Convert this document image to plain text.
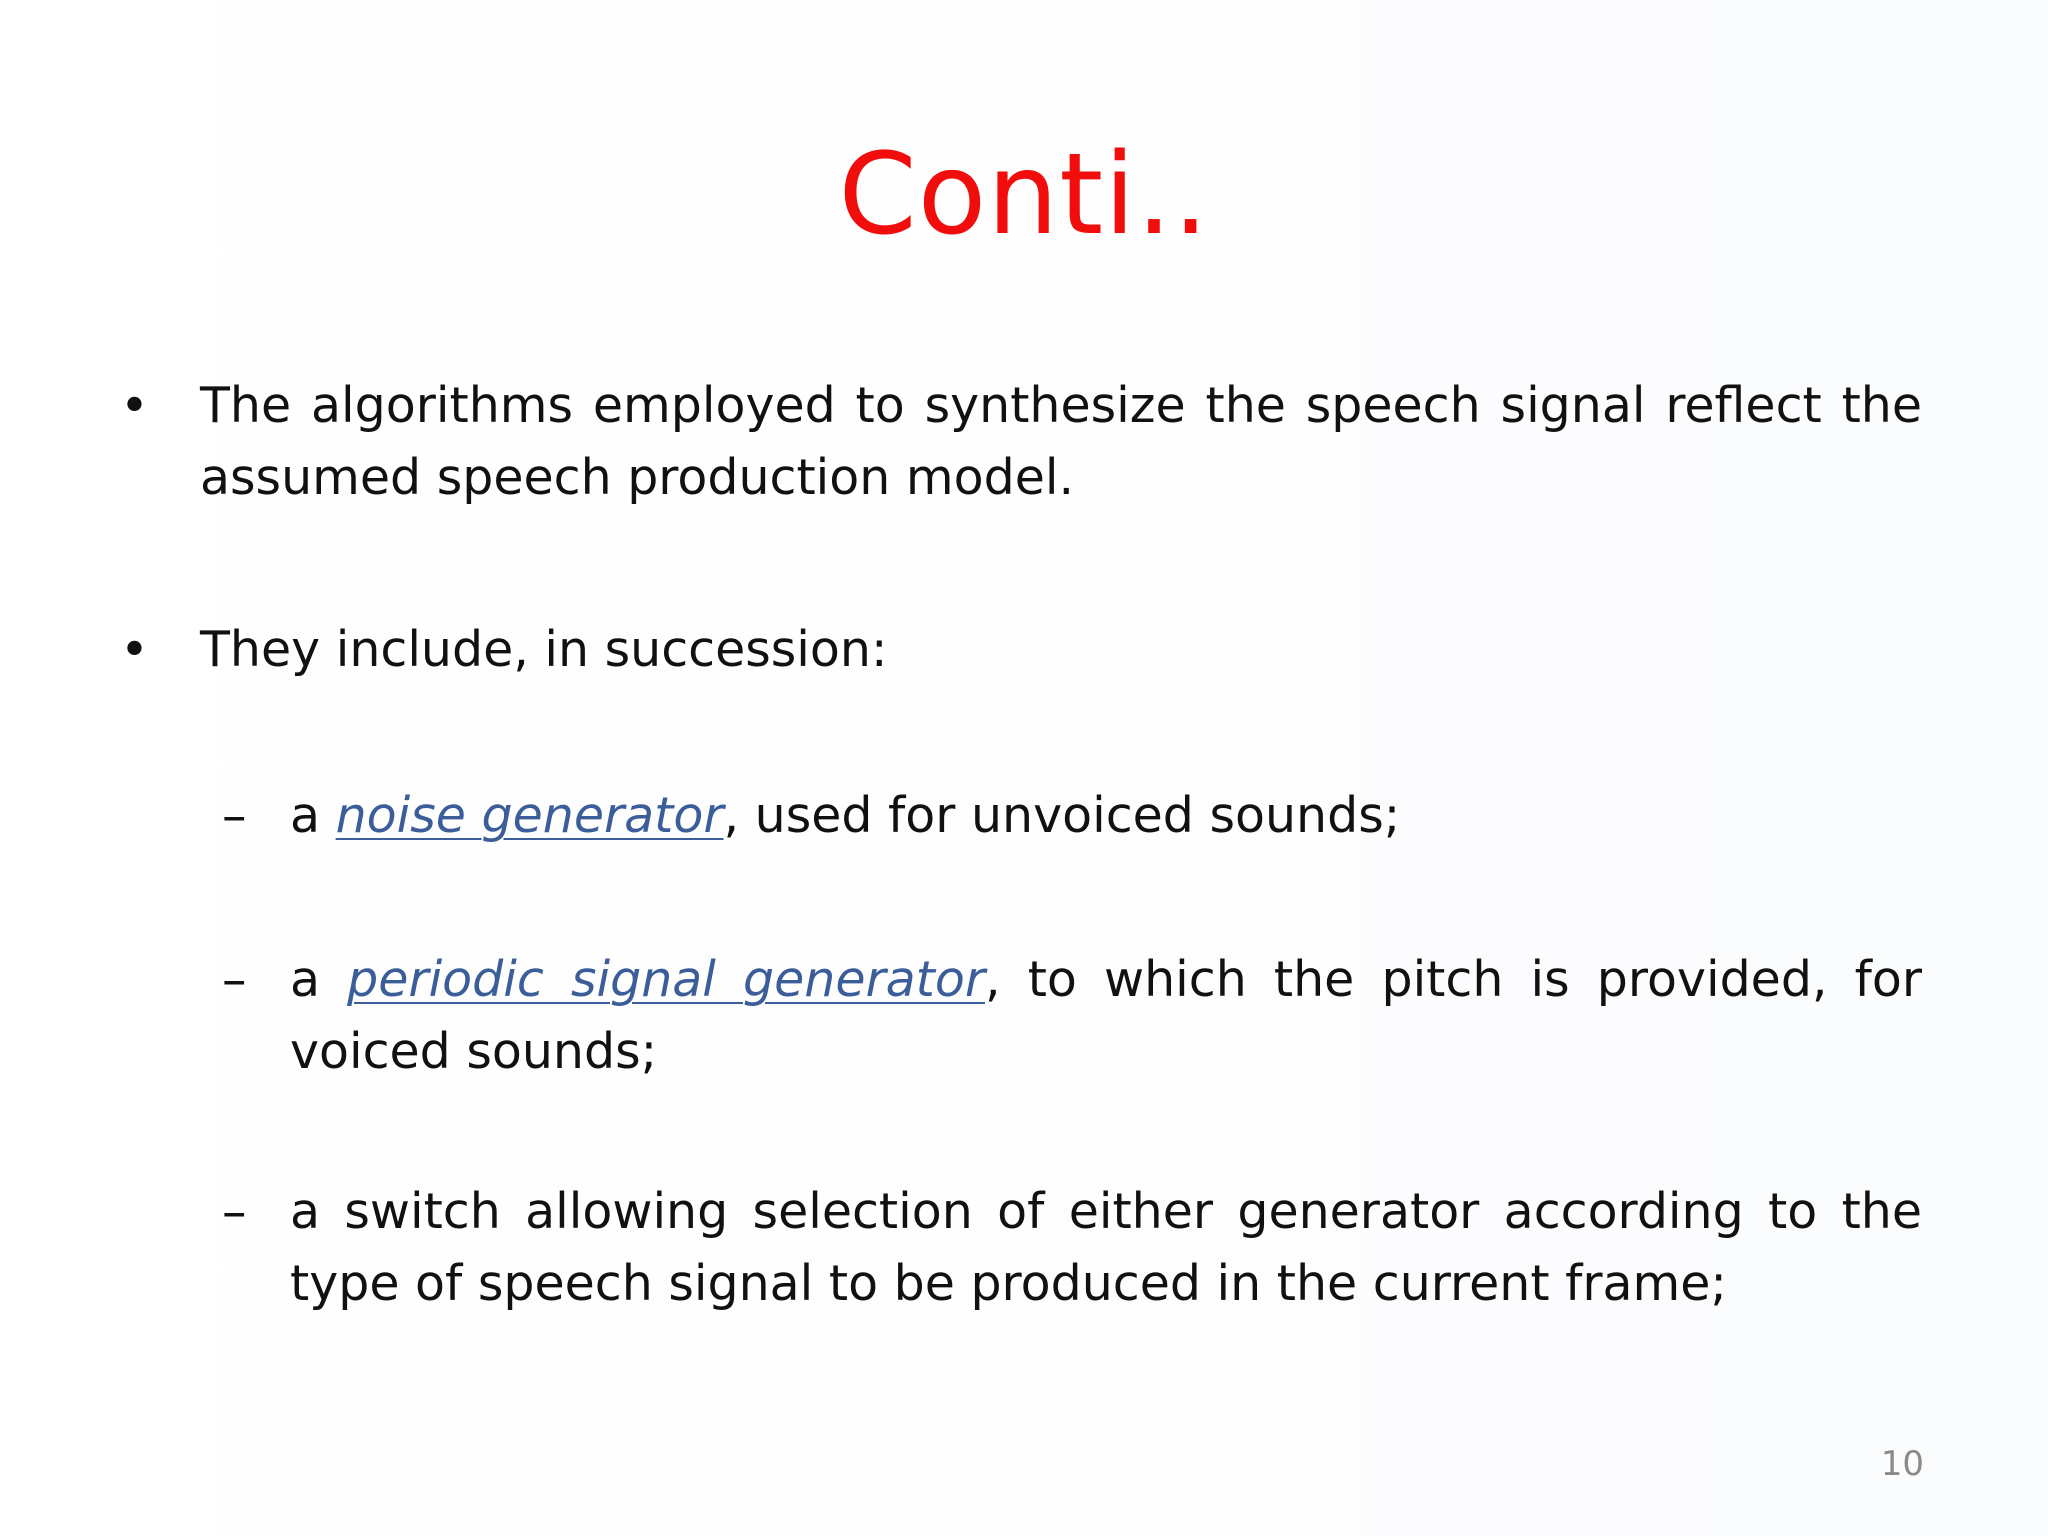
Conti..
• The algorithms employed to synthesize the speech signal reflect the assumed speech production model.
• They include, in succession:
– a noise generator, used for unvoiced sounds;
– a periodic signal generator, to which the pitch is provided, for voiced sounds;
– a switch allowing selection of either generator according to the type of speech signal to be produced in the current frame;
10
